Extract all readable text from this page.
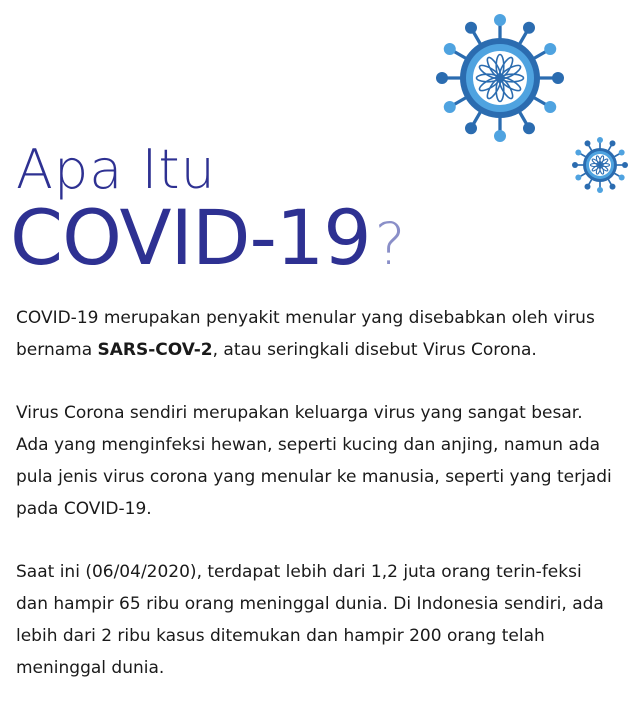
Apa Itu
COVID-19?

COVID-19 merupakan penyakit menular yang disebabkan oleh virus bernama SARS-COV-2, atau seringkali disebut Virus Corona.

Virus Corona sendiri merupakan keluarga virus yang sangat besar. Ada yang menginfeksi hewan, seperti kucing dan anjing, namun ada pula jenis virus corona yang menular ke manusia, seperti yang terjadi pada COVID-19.

Saat ini (06/04/2020), terdapat lebih dari 1,2 juta orang terin-feksi dan hampir 65 ribu orang meninggal dunia. Di Indonesia sendiri, ada lebih dari 2 ribu kasus ditemukan dan hampir 200 orang telah meninggal dunia.
